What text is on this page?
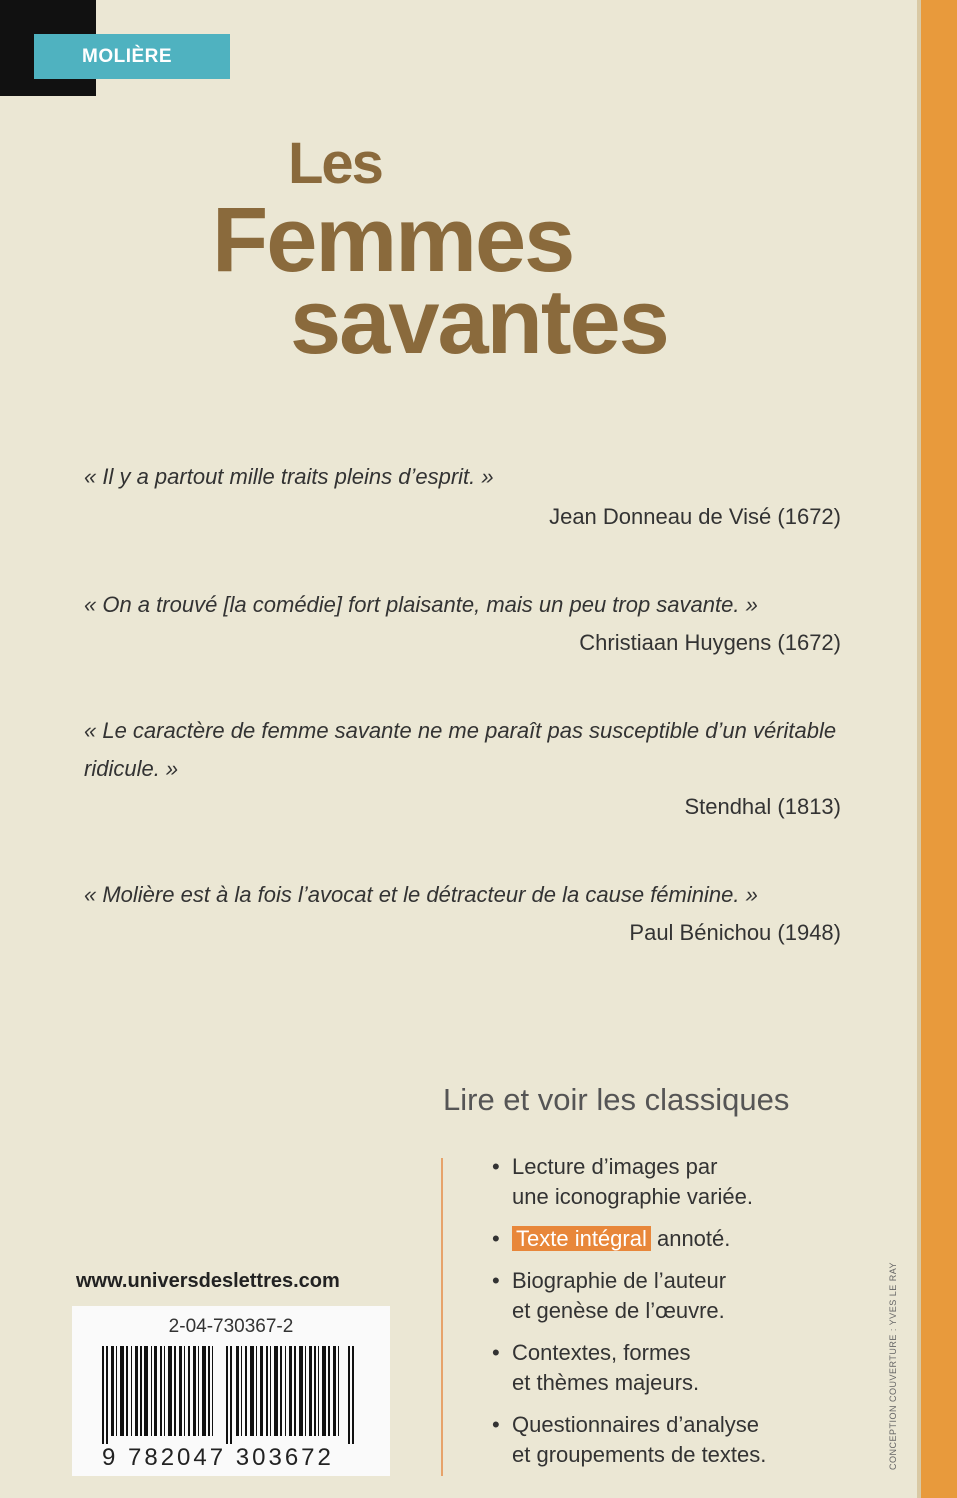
MOLIÈRE
Les
Femmes
savantes
« Il y a partout mille traits pleins d’esprit. »
Jean Donneau de Visé (1672)
« On a trouvé [la comédie] fort plaisante, mais un peu trop savante. »
Christiaan Huygens (1672)
« Le caractère de femme savante ne me paraît pas susceptible d’un véritable ridicule. »
Stendhal (1813)
« Molière est à la fois l’avocat et le détracteur de la cause féminine. »
Paul Bénichou (1948)
Lire et voir les classiques
• Lecture d’images par
une iconographie variée.
• Texte intégral annoté.
• Biographie de l’auteur
et genèse de l’œuvre.
• Contextes, formes
et thèmes majeurs.
• Questionnaires d’analyse
et groupements de textes.
www.universdeslettres.com
2-04-730367-2
9 782047 303672	CONCEPTION COUVERTURE : YVES LE RAY
